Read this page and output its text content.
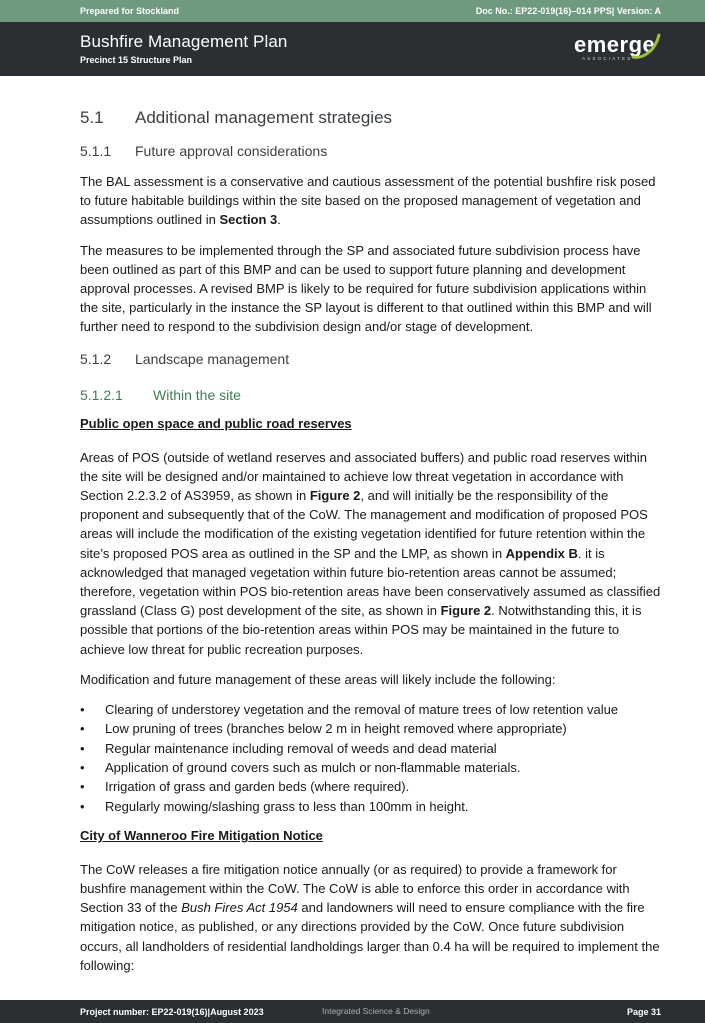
Prepared for Stockland	Doc No.: EP22-019(16)–014 PPS| Version: A
Bushfire Management Plan
Precinct 15 Structure Plan
emerge
ASSOCIATES
5.1 Additional management strategies
5.1.1 Future approval considerations

The BAL assessment is a conservative and cautious assessment of the potential bushfire risk posed to future habitable buildings within the site based on the proposed management of vegetation and assumptions outlined in Section 3.

The measures to be implemented through the SP and associated future subdivision process have been outlined as part of this BMP and can be used to support future planning and development approval processes. A revised BMP is likely to be required for future subdivision applications within the site, particularly in the instance the SP layout is different to that outlined within this BMP and will further need to respond to the subdivision design and/or stage of development.

5.1.2 Landscape management
5.1.2.1 Within the site
Public open space and public road reserves

Areas of POS (outside of wetland reserves and associated buffers) and public road reserves within the site will be designed and/or maintained to achieve low threat vegetation in accordance with Section 2.2.3.2 of AS3959, as shown in Figure 2, and will initially be the responsibility of the proponent and subsequently that of the CoW. The management and modification of proposed POS areas will include the modification of the existing vegetation identified for future retention within the site’s proposed POS area as outlined in the SP and the LMP, as shown in Appendix B. it is acknowledged that managed vegetation within future bio-retention areas cannot be assumed; therefore, vegetation within POS bio-retention areas have been conservatively assumed as classified grassland (Class G) post development of the site, as shown in Figure 2. Notwithstanding this, it is possible that portions of the bio-retention areas within POS may be maintained in the future to achieve low threat for public recreation purposes.

Modification and future management of these areas will likely include the following:

• Clearing of understorey vegetation and the removal of mature trees of low retention value
• Low pruning of trees (branches below 2 m in height removed where appropriate)
• Regular maintenance including removal of weeds and dead material
• Application of ground covers such as mulch or non-flammable materials.
• Irrigation of grass and garden beds (where required).
• Regularly mowing/slashing grass to less than 100mm in height.
City of Wanneroo Fire Mitigation Notice

The CoW releases a fire mitigation notice annually (or as required) to provide a framework for bushfire management within the CoW. The CoW is able to enforce this order in accordance with Section 33 of the Bush Fires Act 1954 and landowners will need to ensure compliance with the fire mitigation notice, as published, or any directions provided by the CoW. Once future subdivision occurs, all landholders of residential landholdings larger than 0.4 ha will be required to implement the following:

Project number: EP22-019(16)|August 2023	Integrated Science & Design	Page 31
